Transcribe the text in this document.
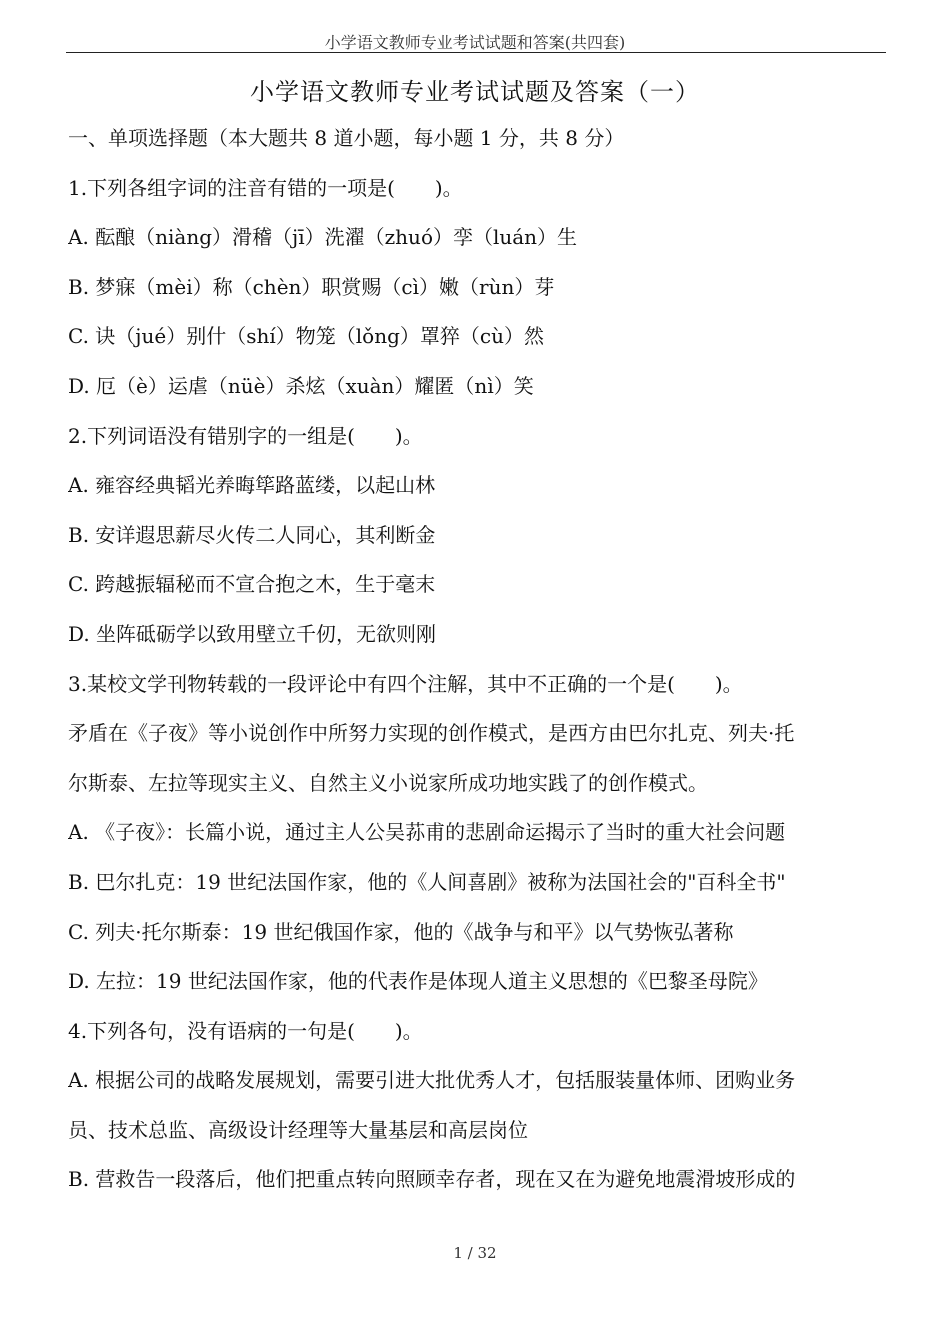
小学语文教师专业考试试题和答案(共四套)
小学语文教师专业考试试题及答案（一）
一、单项选择题（本大题共 8 道小题，每小题 1 分，共 8 分）
1.下列各组字词的注音有错的一项是(　　)。
A. 酝酿（niàng）滑稽（jī）洗濯（zhuó）孪（luán）生
B. 梦寐（mèi）称（chèn）职赏赐（cì）嫩（rùn）芽
C. 诀（jué）别什（shí）物笼（lǒng）罩猝（cù）然
D. 厄（è）运虐（nüè）杀炫（xuàn）耀匿（nì）笑
2.下列词语没有错别字的一组是(　　)。
A. 雍容经典韬光养晦筚路蓝缕，以起山林
B. 安详遐思薪尽火传二人同心，其利断金
C. 跨越振辐秘而不宣合抱之木，生于毫末
D. 坐阵砥砺学以致用壁立千仞，无欲则刚
3.某校文学刊物转载的一段评论中有四个注解，其中不正确的一个是(　　)。
矛盾在《子夜》等小说创作中所努力实现的创作模式，是西方由巴尔扎克、列夫·托
尔斯泰、左拉等现实主义、自然主义小说家所成功地实践了的创作模式。
A. 《子夜》：长篇小说，通过主人公吴荪甫的悲剧命运揭示了当时的重大社会问题
B. 巴尔扎克：19 世纪法国作家，他的《人间喜剧》被称为法国社会的"百科全书"
C. 列夫·托尔斯泰：19 世纪俄国作家，他的《战争与和平》以气势恢弘著称
D. 左拉：19 世纪法国作家，他的代表作是体现人道主义思想的《巴黎圣母院》
4.下列各句，没有语病的一句是(　　)。
A. 根据公司的战略发展规划，需要引进大批优秀人才，包括服装量体师、团购业务
员、技术总监、高级设计经理等大量基层和高层岗位
B. 营救告一段落后，他们把重点转向照顾幸存者，现在又在为避免地震滑坡形成的
1 / 32
